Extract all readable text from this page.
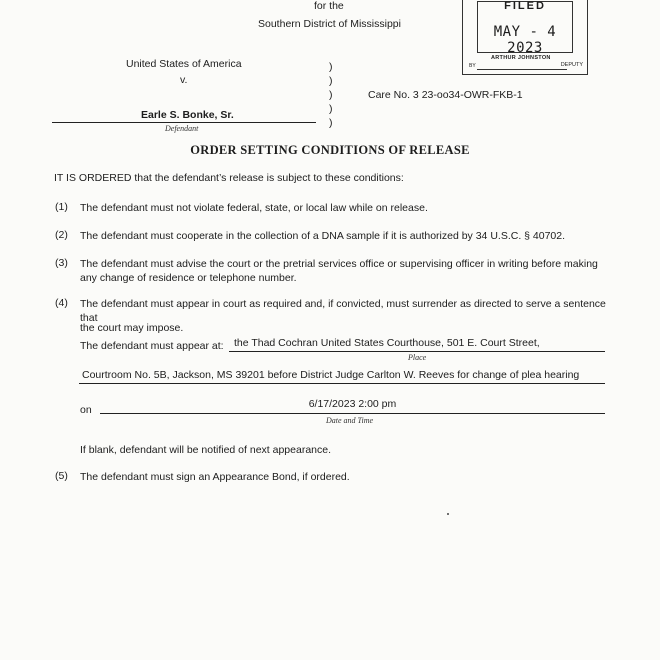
for the
Southern District of Mississippi
FILED
MAY - 4 2023
ARTHUR JOHNSTON
BY	DEPUTY
United States of America
v.
Earle S. Bonke, Sr.
Defendant
)
)
)
)
)
Care No. 3 23-oo34-OWR-FKB-1
ORDER SETTING CONDITIONS OF RELEASE
IT IS ORDERED that the defendant’s release is subject to these conditions:
(1) The defendant must not violate federal, state, or local law while on release.
(2) The defendant must cooperate in the collection of a DNA sample if it is authorized by 34 U.S.C. § 40702.
(3) The defendant must advise the court or the pretrial services office or supervising officer in writing before making any change of residence or telephone number.
(4) The defendant must appear in court as required and, if convicted, must surrender as directed to serve a sentence that
the court may impose.
The defendant must appear at: the Thad Cochran United States Courthouse, 501 E. Court Street,
Place
Courtroom No. 5B, Jackson, MS 39201 before District Judge Carlton W. Reeves for change of plea hearing
on	6/17/2023 2:00 pm
Date and Time
If blank, defendant will be notified of next appearance.
(5) The defendant must sign an Appearance Bond, if ordered.
